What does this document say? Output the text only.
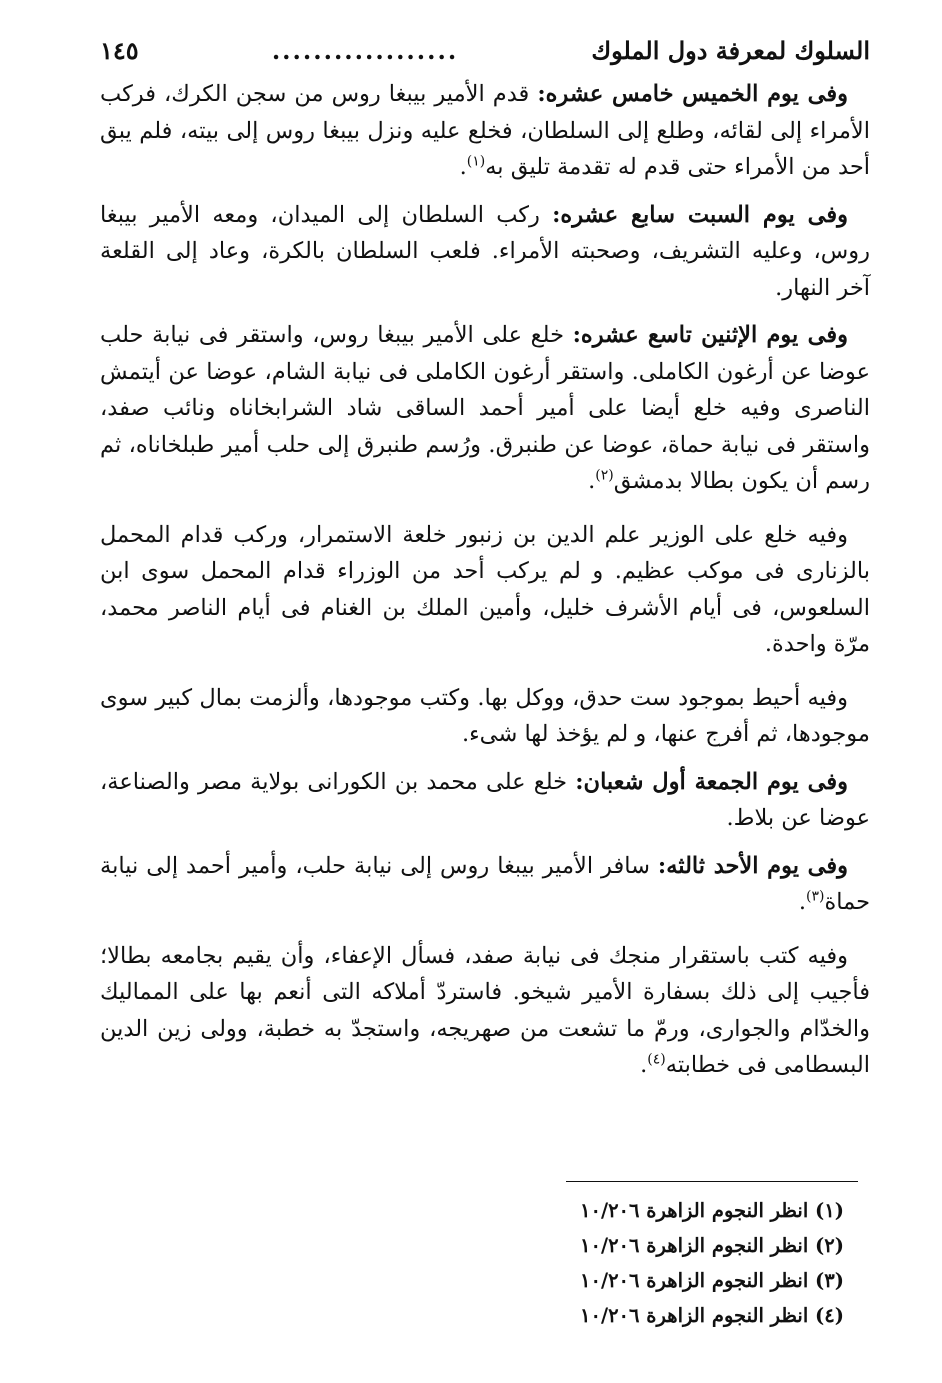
السلوك لمعرفة دول الملوك
..................
١٤٥

وفى يوم الخميس خامس عشره: قدم الأمير بيبغا روس من سجن الكرك، فركب الأمراء إلى لقائه، وطلع إلى السلطان، فخلع عليه ونزل بيبغا روس إلى بيته، فلم يبق أحد من الأمراء حتى قدم له تقدمة تليق به$^{(١)}$.

وفى يوم السبت سابع عشره: ركب السلطان إلى الميدان، ومعه الأمير بيبغا روس، وعليه التشريف، وصحبته الأمراء. فلعب السلطان بالكرة، وعاد إلى القلعة آخر النهار.

وفى يوم الإثنين تاسع عشره: خلع على الأمير بيبغا روس، واستقر فى نيابة حلب عوضا عن أرغون الكاملى. واستقر أرغون الكاملى فى نيابة الشام، عوضا عن أيتمش الناصرى وفيه خلع أيضا على أمير أحمد الساقى شاد الشرابخاناه ونائب صفد، واستقر فى نيابة حماة، عوضا عن طنبرق. ورُسم طنبرق إلى حلب أمير طبلخاناه، ثم رسم أن يكون بطالا بدمشق$^{(٢)}$.

وفيه خلع على الوزير علم الدين بن زنبور خلعة الاستمرار، وركب قدام المحمل بالزنارى فى موكب عظيم. و لم يركب أحد من الوزراء قدام المحمل سوى ابن السلعوس، فى أيام الأشرف خليل، وأمين الملك بن الغنام فى أيام الناصر محمد، مرّة واحدة.

وفيه أحيط بموجود ست حدق، ووكل بها. وكتب موجودها، وألزمت بمال كبير سوى موجودها، ثم أفرج عنها، و لم يؤخذ لها شىء.

وفى يوم الجمعة أول شعبان: خلع على محمد بن الكورانى بولاية مصر والصناعة، عوضا عن بلاط.

وفى يوم الأحد ثالثه: سافر الأمير بيبغا روس إلى نيابة حلب، وأمير أحمد إلى نيابة حماة$^{(٣)}$.

وفيه كتب باستقرار منجك فى نيابة صفد، فسأل الإعفاء، وأن يقيم بجامعه بطالا؛ فأجيب إلى ذلك بسفارة الأمير شيخو. فاستردّ أملاكه التى أنعم بها على المماليك والخدّام والجوارى، ورمّ ما تشعت من صهريجه، واستجدّ به خطبة، وولى زين الدين البسطامى فى خطابته$^{(٤)}$.

(١) انظر النجوم الزاهرة ١٠/٢٠٦
(٢) انظر النجوم الزاهرة ١٠/٢٠٦
(٣) انظر النجوم الزاهرة ١٠/٢٠٦
(٤) انظر النجوم الزاهرة ١٠/٢٠٦
